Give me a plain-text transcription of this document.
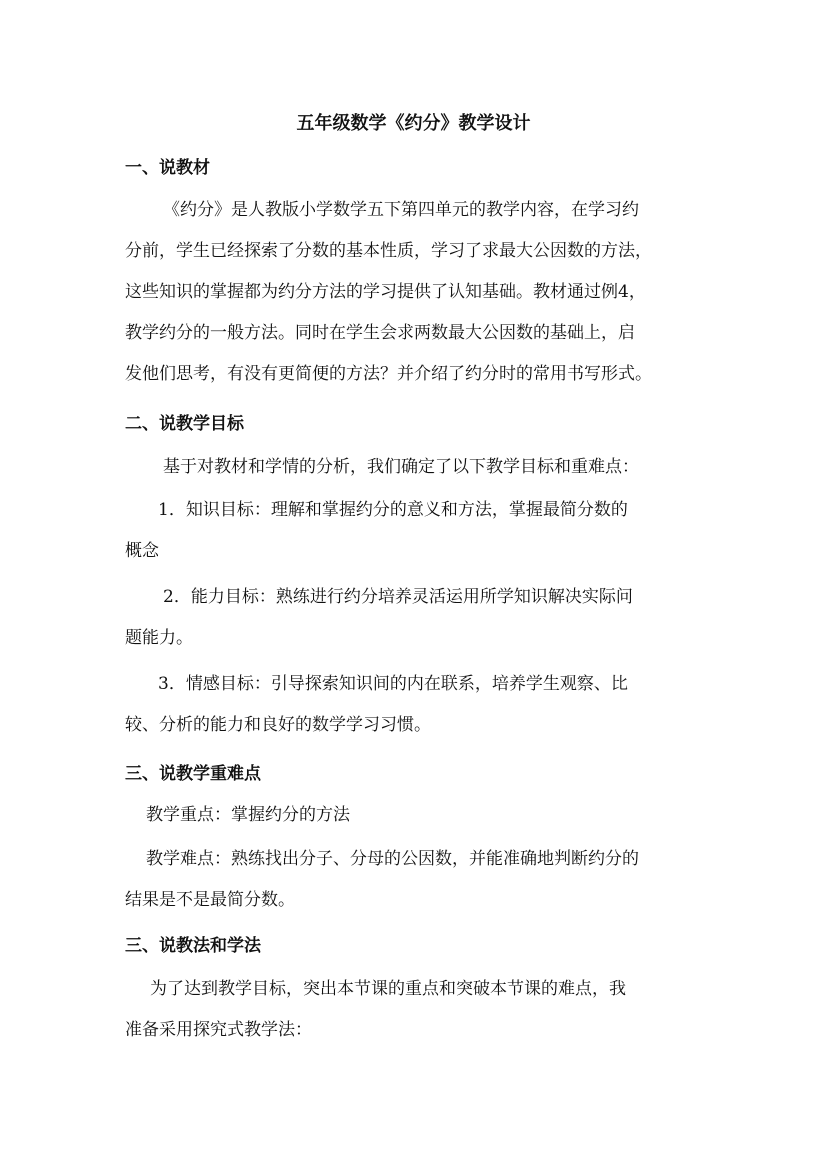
五年级数学《约分》教学设计
一、说教材
《约分》是人教版小学数学五下第四单元的教学内容，在学习约
分前，学生已经探索了分数的基本性质，学习了求最大公因数的方法，
这些知识的掌握都为约分方法的学习提供了认知基础。教材通过例4，
教学约分的一般方法。同时在学生会求两数最大公因数的基础上，启
发他们思考，有没有更简便的方法？并介绍了约分时的常用书写形式。
二、说教学目标
基于对教材和学情的分析，我们确定了以下教学目标和重难点：
1．知识目标：理解和掌握约分的意义和方法，掌握最简分数的
概念
2．能力目标：熟练进行约分培养灵活运用所学知识解决实际问
题能力。
3．情感目标：引导探索知识间的内在联系，培养学生观察、比
较、分析的能力和良好的数学学习习惯。
三、说教学重难点
教学重点：掌握约分的方法
教学难点：熟练找出分子、分母的公因数，并能准确地判断约分的
结果是不是最简分数。
三、说教法和学法
为了达到教学目标，突出本节课的重点和突破本节课的难点，我
准备采用探究式教学法：
